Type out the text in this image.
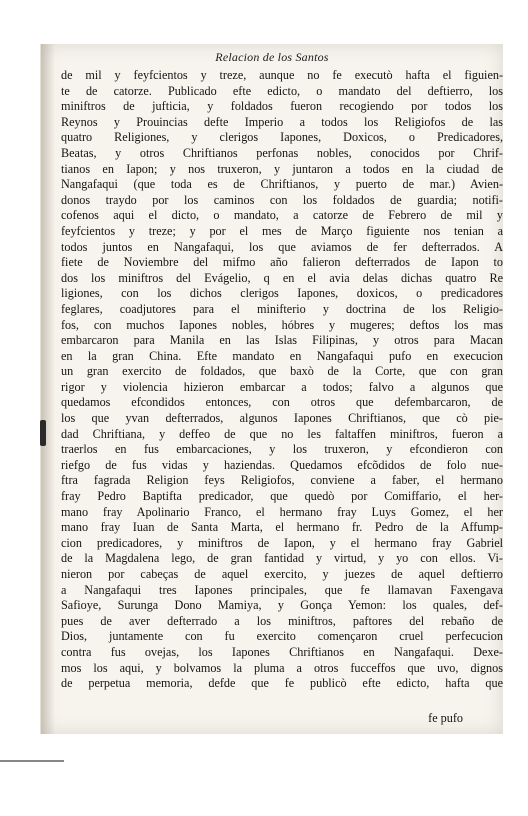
Relacion de los Santos
de mil y feyfcientos y treze, aunque no fe executò hafta el figuien-
te de catorze. Publicado efte edicto, o mandato del deftierro, los
miniftros de jufticia, y foldados fueron recogiendo por todos los
Reynos y Prouincias defte Imperio a todos los Religiofos de las
quatro Religiones, y clerigos Iapones, Doxicos, o Predicadores,
Beatas, y otros Chriftianos perfonas nobles, conocidos por Chrif-
tianos en Iapon; y nos truxeron, y juntaron a todos en la ciudad de
Nangafaqui (que toda es de Chriftianos, y puerto de mar.) Avien-
donos traydo por los caminos con los foldados de guardia; notifi-
cofenos aqui el dicto, o mandato, a catorze de Febrero de mil y
feyfcientos y treze; y por el mes de Março figuiente nos tenian a
todos juntos en Nangafaqui, los que aviamos de fer defterrados. A
fiete de Noviembre del mifmo año falieron defterrados de Iapon to
dos los miniftros del Evágelio, q en el avia delas dichas quatro Re
ligiones, con los dichos clerigos Iapones, doxicos, o predicadores
feglares, coadjutores para el minifterio y doctrina de los Religio-
fos, con muchos Iapones nobles, hóbres y mugeres; deftos los mas
embarcaron para Manila en las Islas Filipinas, y otros para Macan
en la gran China. Efte mandato en Nangafaqui pufo en execucion
un gran exercito de foldados, que baxò de la Corte, que con gran
rigor y violencia hizieron embarcar a todos; falvo a algunos que
quedamos efcondidos entonces, con otros que defembarcaron, de
los que yvan defterrados, algunos Iapones Chriftianos, que cò pie-
dad Chriftiana, y deffeo de que no les faltaffen miniftros, fueron a
traerlos en fus embarcaciones, y los truxeron, y efcondieron con
riefgo de fus vidas y haziendas. Quedamos efcõdidos de folo nue-
ftra fagrada Religion feys Religiofos, conviene a faber, el hermano
fray Pedro Baptifta predicador, que quedò por Comiffario, el her-
mano fray Apolinario Franco, el hermano fray Luys Gomez, el her
mano fray Iuan de Santa Marta, el hermano fr. Pedro de la Affump-
cion predicadores, y miniftros de Iapon, y el hermano fray Gabriel
de la Magdalena lego, de gran fantidad y virtud, y yo con ellos. Vi-
nieron por cabeças de aquel exercito, y juezes de aquel deftierro
a Nangafaqui tres Iapones principales, que fe llamavan Faxengava
Safioye, Surunga Dono Mamiya, y Gonça Yemon: los quales, def-
pues de aver defterrado a los miniftros, paftores del rebaño de
Dios, juntamente con fu exercito començaron cruel perfecucion
contra fus ovejas, los Iapones Chriftianos en Nangafaqui. Dexe-
mos los aqui, y bolvamos la pluma a otros fucceffos que uvo, dignos
de perpetua memoria, defde que fe publicò efte edicto, hafta que
fe pufo
